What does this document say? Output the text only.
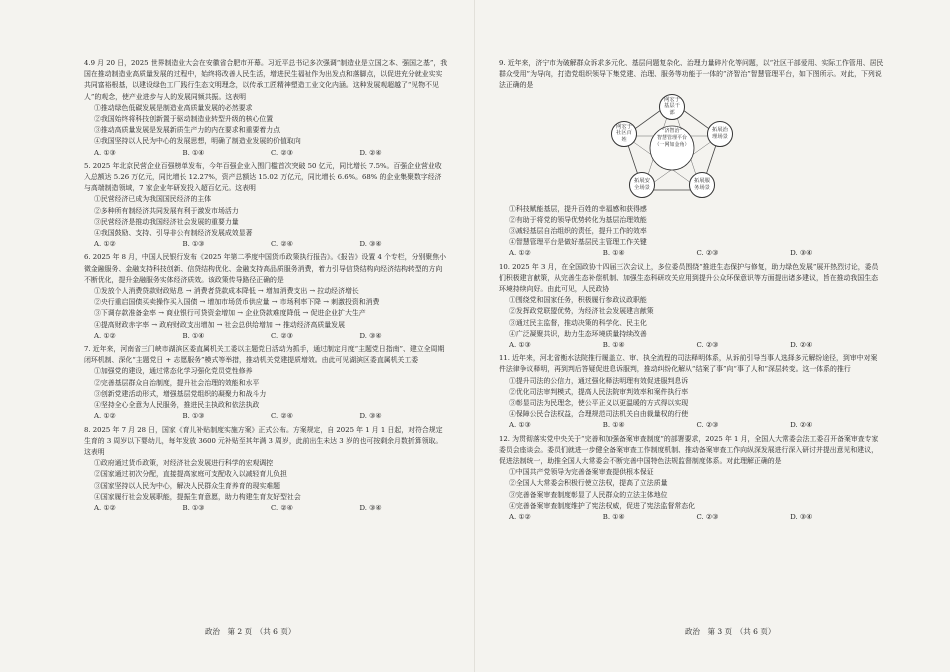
4.9 月 20 日，2025 世界制造业大会在安徽省合肥市开幕。习近平总书记多次强调“制造业是立国之本、强国之基”，我国在推动制造业高质量发展的过程中，始终将改善人民生活，增进民生福祉作为出发点和落脚点，以促进充分就业实实共同富裕根基，以建设绿色工厂践行生态文明理念，以传承工匠精神塑造工业文化内涵。这种发展观超越了“见物不见人”的观念，使产业进步与人的发展同频共振。这表明

①推动绿色低碳发展是制造业高质量发展的必然要求

②我国始终将科技创新置于驱动制造业转型升级的核心位置

③推动高质量发展是发展新质生产力的内在要求和重要着力点

④我国坚持以人民为中心的发展思想，明确了制造业发展的价值取向

A. ①③	B. ①④	C. ②③	D. ②④

5. 2025 年北京民营企业百强榜单发布，今年百强企业入围门槛首次突破 50 亿元，同比增长 7.5%。百强企业营业收入总额达 5.26 万亿元，同比增长 12.27%，资产总额达 15.02 万亿元，同比增长 6.6%。68% 的企业集聚数字经济与高端制造领域，7 家企业年研发投入超百亿元。这表明

①民营经济已成为我国国民经济的主体

②多种所有制经济共同发展有利于激发市场活力

③民营经济是推动我国经济社会发展的重要力量

④我国鼓励、支持、引导非公有制经济发展成效显著

A. ①②	B. ①③	C. ②④	D. ③④

6. 2025 年 8 月，中国人民银行发布《2025 年第二季度中国货币政策执行报告》。《报告》设置 4 个专栏，分别聚焦小微金融服务、金融支持科技创新、信贷结构优化、金融支持高品质服务消费，着力引导信贷结构向经济结构转型的方向不断优化，提升金融服务实体经济质效。该政策传导路径正确的是

①发放个人消费贷款财政贴息 → 消费者贷款成本降低 → 增加消费支出 → 拉动经济增长

②央行重启国债买卖操作买入国债 → 增加市场货币供应量 → 市场利率下降 → 刺激投资和消费

③下调存款准备金率 → 商业银行可贷资金增加 → 企业贷款难度降低 → 促进企业扩大生产

④提高财政赤字率 → 政府财政支出增加 → 社会总供给增加 → 推动经济高质量发展

A. ①②	B. ①④	C. ②③	D. ③④

7. 近年来，河南省三门峡市湖滨区委直属机关工委以主题党日活动为抓手，通过制定月度“主题党日指南”、建立全周期闭环机制、深化“主题党日 + 志愿服务”模式等举措，推动机关党建提质增效。由此可见湖滨区委直属机关工委

①加强党的建设，通过常态化学习强化党员党性修养

②完善基层群众自治制度，提升社会治理的效能和水平

③创新党建活动形式，增强基层党组织的凝聚力和战斗力

④坚持全心全意为人民服务，推进民主执政和依法执政

A. ①②	B. ①③	C. ②④	D. ③④

8. 2025 年 7 月 28 日，国家《育儿补贴制度实施方案》正式公布。方案规定，自 2025 年 1 月 1 日起，对符合规定生育的 3 周岁以下婴幼儿，每年发放 3600 元补贴至其年满 3 周岁，此前出生未达 3 岁的也可按剩余月数折算领取。这表明

①政府通过货币政策，对经济社会发展进行科学的宏观调控

②国家通过初次分配，直接提高家庭可支配收入以减轻育儿负担

③国家坚持以人民为中心，解决人民群众生育养育的现实难题

④国家履行社会发展职能，提振生育意愿，助力构建生育友好型社会

A. ①②	B. ①③	C. ②④	D. ③④
政治　第 2 页　（共 6 页）

9. 近年来，济宁市为破解群众诉求多元化、基层问题复杂化、治理力量碎片化等问题，以“社区干部爱用、实际工作管用、居民群众受用”为导向，打造党组织领导下集党建、治理、服务等功能于一体的“济智治”智慧管理平台，如下图所示。对此，下列说法正确的是

“济智治”
智慧管理平台
（一网如金角）
网宏于基层干部
拓展治理场景
拓展服务场景
拓展安全场景
网宏于社区百姓

①科技赋能基层，提升百姓的幸福感和获得感

②有助于将党的领导优势转化为基层治理效能

③减轻基层自治组织的责任，提升工作的效率

④智慧管理平台是做好基层民主管理工作关键

A. ①②	B. ①④	C. ②③	D. ③④

10. 2025 年 3 月，在全国政协十四届三次会议上，多位委员围绕“推进生态保护与修复，助力绿色发展”展开热烈讨论，委员们积极建言献策，从完善生态补偿机制、加强生态科研攻关应用到提升公众环保意识等方面提出诸多建议，旨在推动我国生态环境持续向好。由此可见，人民政协

①围绕党和国家任务，积极履行参政议政职能

②发挥政党联盟优势，为经济社会发展建言献策

③通过民主监督，推动决策的科学化、民主化

④广泛凝聚共识，助力生态环境质量持续改善

A. ①③	B. ①④	C. ②③	D. ②④

11. 近年来，河北省衡水法院推行履盖立、审、执全流程的司法释明体系，从诉前引导当事人选择多元解纷途径，到审中对案件法律争议释明，再到判后答疑促进息诉服判，推动纠纷化解从“结案了事”向“事了人和”深层转变。这一体系的推行

①提升司法的公信力，通过强化释法明理有效促进服判息诉

②优化司法审判模式，提高人民法院审判效率和案件执行率

③彰显司法为民理念，使公平正义以更温暖的方式得以实现

④保障公民合法权益，合理规范司法机关自由裁量权的行使

A. ①③	B. ①④	C. ②③	D. ②④

12. 为贯彻落实党中央关于“完善和加强备案审查制度”的部署要求，2025 年 1 月，全国人大常委会法工委召开备案审查专家委员会座谈会。委员们就进一步健全备案审查工作制度机制、推动备案审查工作向纵深发展进行深入研讨并提出意见和建议，促进法制统一，助推全国人大常委会不断完善中国特色法规监督制度体系。对此理解正确的是

①中国共产党领导为完善备案审查提供根本保证

②全国人大常委会积极行使立法权，提高了立法质量

③完善备案审查制度彰显了人民群众的立法主体地位

④完善备案审查制度维护了宪法权威，促进了宪法监督常态化

A. ①②	B. ①④	C. ②③	D. ③④
政治　第 3 页　（共 6 页）
